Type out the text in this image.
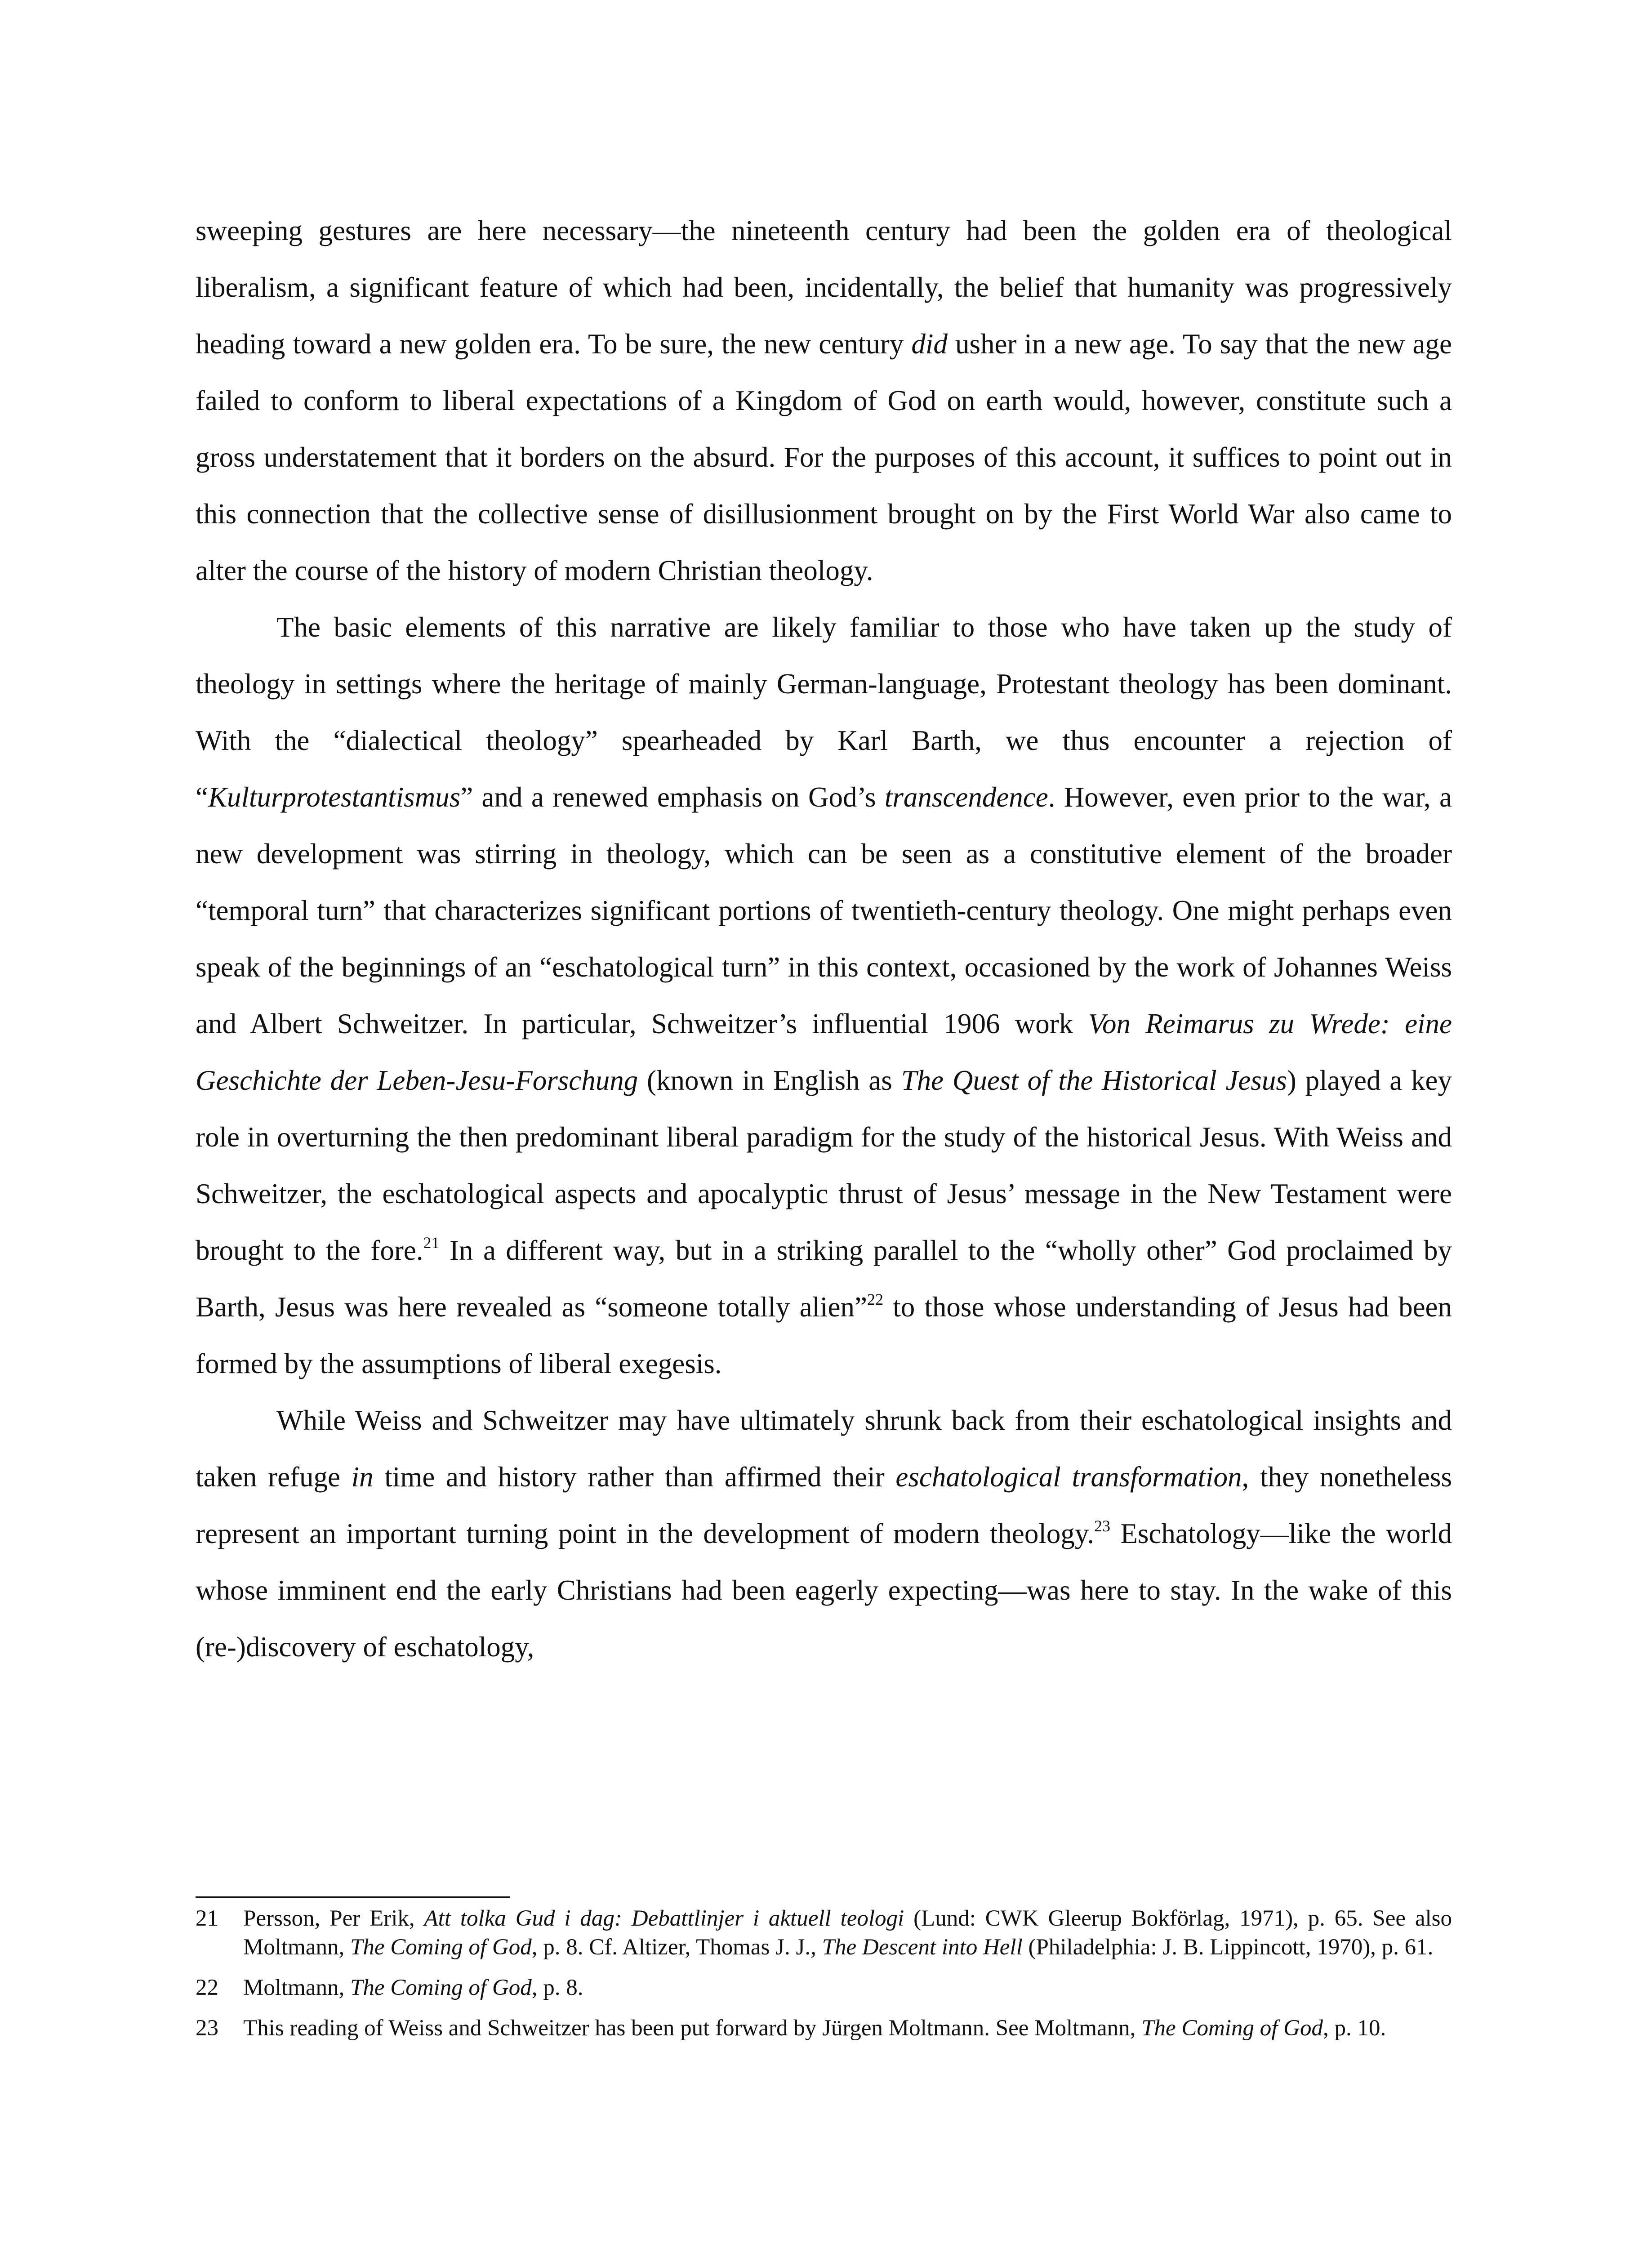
sweeping gestures are here necessary—the nineteenth century had been the golden era of theological liberalism, a significant feature of which had been, incidentally, the belief that humanity was progressively heading toward a new golden era. To be sure, the new century did usher in a new age. To say that the new age failed to conform to liberal expectations of a Kingdom of God on earth would, however, constitute such a gross understatement that it borders on the absurd. For the purposes of this account, it suffices to point out in this connection that the collective sense of disillusionment brought on by the First World War also came to alter the course of the history of modern Christian theology.

The basic elements of this narrative are likely familiar to those who have taken up the study of theology in settings where the heritage of mainly German-language, Protestant theology has been dominant. With the “dialectical theology” spearheaded by Karl Barth, we thus encounter a rejection of “Kulturprotestantismus” and a renewed emphasis on God’s transcendence. However, even prior to the war, a new development was stirring in theology, which can be seen as a constitutive element of the broader “temporal turn” that characterizes significant portions of twentieth-century theology. One might perhaps even speak of the beginnings of an “eschatological turn” in this context, occasioned by the work of Johannes Weiss and Albert Schweitzer. In particular, Schweitzer’s influential 1906 work Von Reimarus zu Wrede: eine Geschichte der Leben-Jesu-Forschung (known in English as The Quest of the Historical Jesus) played a key role in overturning the then predominant liberal paradigm for the study of the historical Jesus. With Weiss and Schweitzer, the eschatological aspects and apocalyptic thrust of Jesus’ message in the New Testament were brought to the fore.$^{21}$ In a different way, but in a striking parallel to the “wholly other” God proclaimed by Barth, Jesus was here revealed as “someone totally alien”$^{22}$ to those whose understanding of Jesus had been formed by the assumptions of liberal exegesis.

While Weiss and Schweitzer may have ultimately shrunk back from their eschatological insights and taken refuge in time and history rather than affirmed their eschatological transformation, they nonetheless represent an important turning point in the development of modern theology.$^{23}$ Eschatology—like the world whose imminent end the early Christians had been eagerly expecting—was here to stay. In the wake of this (re-)discovery of eschatology,

21	Persson, Per Erik, Att tolka Gud i dag: Debattlinjer i aktuell teologi (Lund: CWK Gleerup Bokförlag, 1971), p. 65. See also Moltmann, The Coming of God, p. 8. Cf. Altizer, Thomas J. J., The Descent into Hell (Philadelphia: J. B. Lippincott, 1970), p. 61.
22	Moltmann, The Coming of God, p. 8.
23	This reading of Weiss and Schweitzer has been put forward by Jürgen Moltmann. See Moltmann, The Coming of God, p. 10.
